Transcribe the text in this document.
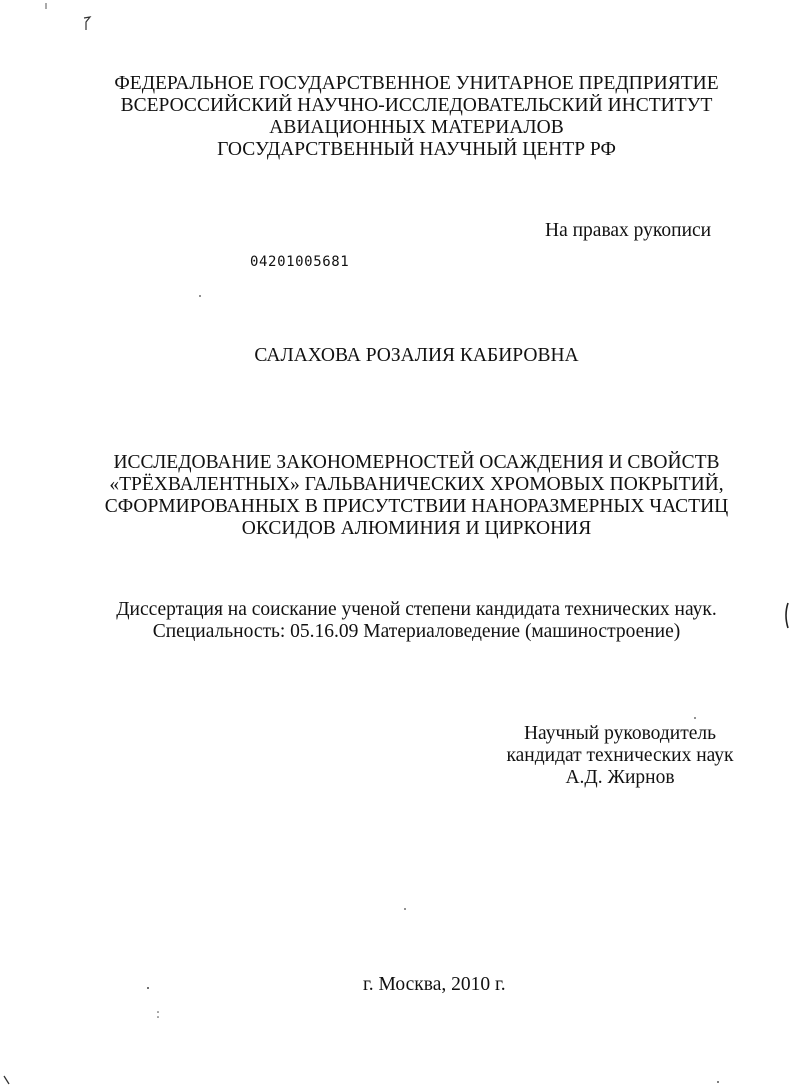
ФЕДЕРАЛЬНОЕ ГОСУДАРСТВЕННОЕ УНИТАРНОЕ ПРЕДПРИЯТИЕ
ВСЕРОССИЙСКИЙ НАУЧНО-ИССЛЕДОВАТЕЛЬСКИЙ ИНСТИТУТ
АВИАЦИОННЫХ МАТЕРИАЛОВ
ГОСУДАРСТВЕННЫЙ НАУЧНЫЙ ЦЕНТР РФ
На правах рукописи
04201005681
САЛАХОВА РОЗАЛИЯ КАБИРОВНА
ИССЛЕДОВАНИЕ ЗАКОНОМЕРНОСТЕЙ ОСАЖДЕНИЯ И СВОЙСТВ
«ТРЁХВАЛЕНТНЫХ» ГАЛЬВАНИЧЕСКИХ ХРОМОВЫХ ПОКРЫТИЙ,
СФОРМИРОВАННЫХ В ПРИСУТСТВИИ НАНОРАЗМЕРНЫХ ЧАСТИЦ
ОКСИДОВ АЛЮМИНИЯ И ЦИРКОНИЯ
Диссертация на соискание ученой степени кандидата технических наук.
Специальность: 05.16.09 Материаловедение (машиностроение)
Научный руководитель
кандидат технических наук
А.Д. Жирнов
г. Москва, 2010 г.
